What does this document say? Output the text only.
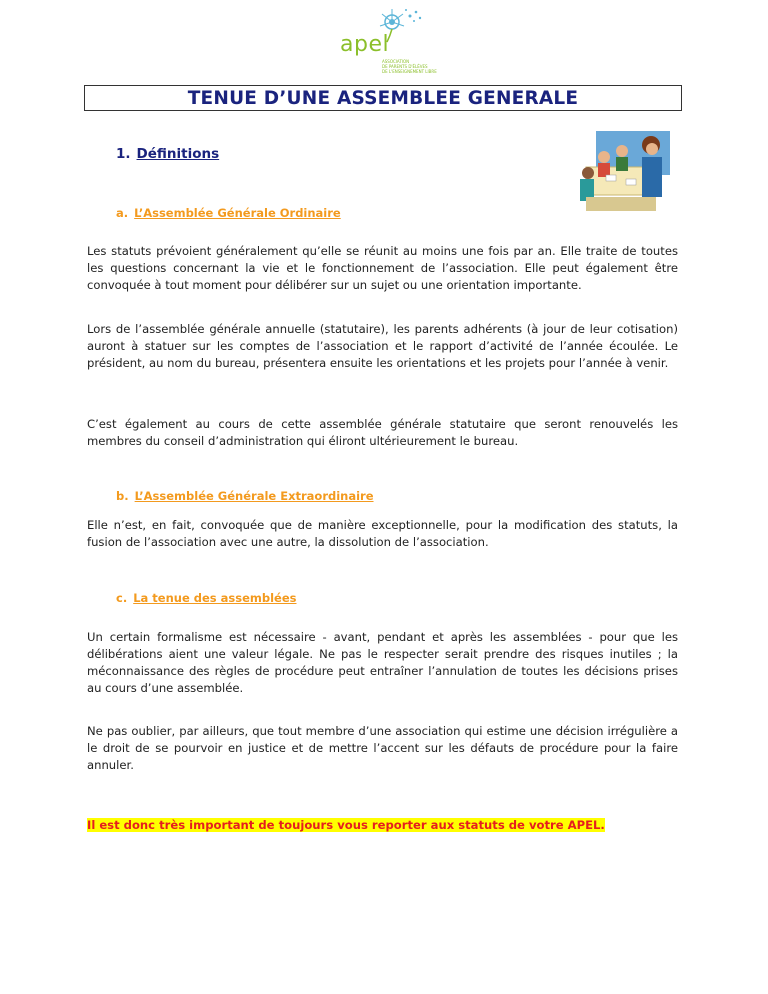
apel
ASSOCIATION
DE PARENTS D'ÉLÈVES
DE L'ENSEIGNEMENT LIBRE
TENUE D’UNE ASSEMBLEE GENERALE
1. Définitions
a. L’Assemblée Générale Ordinaire

Les statuts prévoient généralement qu’elle se réunit au moins une fois par an. Elle traite de toutes les questions concernant la vie et le fonctionnement de l’association. Elle peut également être convoquée à tout moment pour délibérer sur un sujet ou une orientation importante.

Lors de l’assemblée générale annuelle (statutaire), les parents adhérents (à jour de leur cotisation) auront à statuer sur les comptes de l’association et le rapport d’activité de l’année écoulée. Le président, au nom du bureau, présentera ensuite les orientations et les projets pour l’année à venir.

C’est également au cours de cette assemblée générale statutaire que seront renouvelés les membres du conseil d’administration qui éliront ultérieurement le bureau.

b. L’Assemblée Générale Extraordinaire

Elle n’est, en fait, convoquée que de manière exceptionnelle, pour la modification des statuts, la fusion de l’association avec une autre, la dissolution de l’association.

c. La tenue des assemblées

Un certain formalisme est nécessaire - avant, pendant et après les assemblées - pour que les délibérations aient une valeur légale. Ne pas le respecter serait prendre des risques inutiles ; la méconnaissance des règles de procédure peut entraîner l’annulation de toutes les décisions prises au cours d’une assemblée.

Ne pas oublier, par ailleurs, que tout membre d’une association qui estime une décision irrégulière a le droit de se pourvoir en justice et de mettre l’accent sur les défauts de procédure pour la faire annuler.

Il est donc très important de toujours vous reporter aux statuts de votre APEL.
